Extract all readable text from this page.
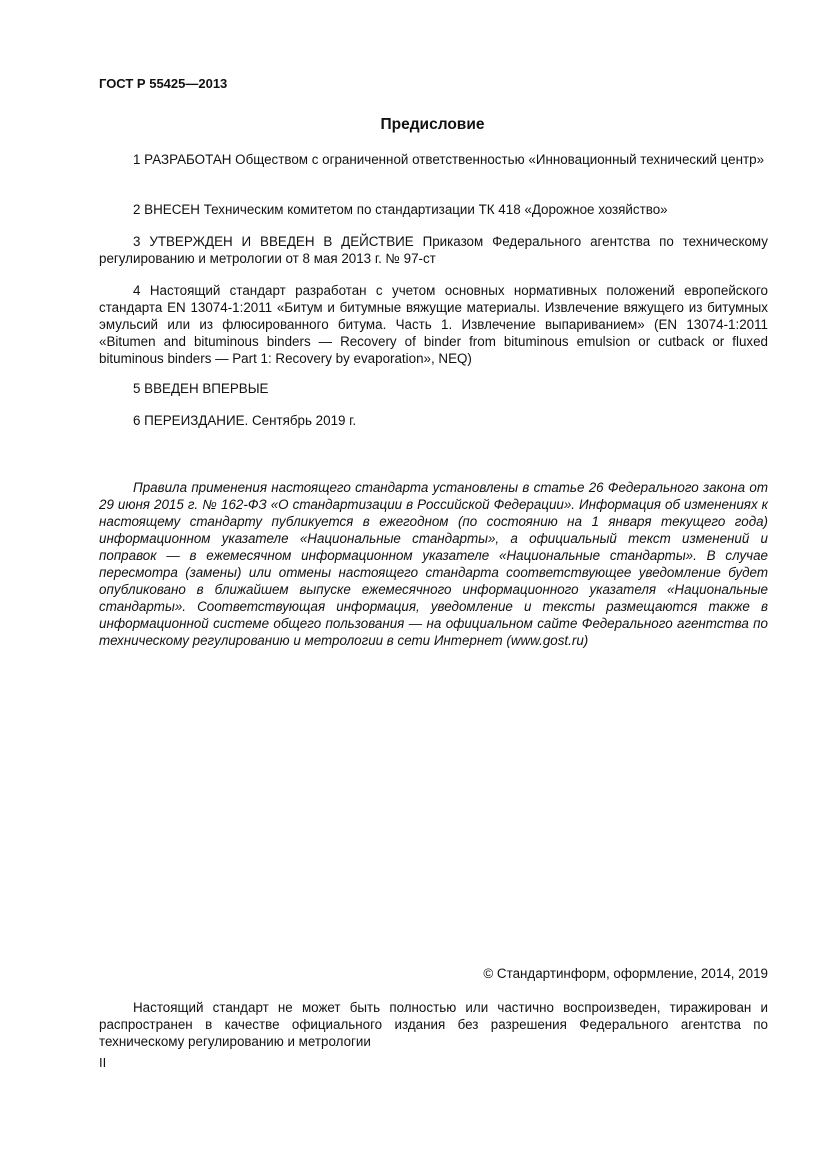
ГОСТ Р 55425—2013
Предисловие
1 РАЗРАБОТАН Обществом с ограниченной ответственностью «Инновационный технический центр»
2 ВНЕСЕН Техническим комитетом по стандартизации ТК 418 «Дорожное хозяйство»
3 УТВЕРЖДЕН И ВВЕДЕН В ДЕЙСТВИЕ Приказом Федерального агентства по техническому регулированию и метрологии от 8 мая 2013 г. № 97-ст
4 Настоящий стандарт разработан с учетом основных нормативных положений европейского стандарта EN 13074-1:2011 «Битум и битумные вяжущие материалы. Извлечение вяжущего из битумных эмульсий или из флюсированного битума. Часть 1. Извлечение выпариванием» (EN 13074-1:2011 «Bitumen and bituminous binders — Recovery of binder from bituminous emulsion or cutback or fluxed bituminous binders — Part 1: Recovery by evaporation», NEQ)
5 ВВЕДЕН ВПЕРВЫЕ
6 ПЕРЕИЗДАНИЕ. Сентябрь 2019 г.
Правила применения настоящего стандарта установлены в статье 26 Федерального закона от 29 июня 2015 г. № 162-ФЗ «О стандартизации в Российской Федерации». Информация об изменениях к настоящему стандарту публикуется в ежегодном (по состоянию на 1 января текущего года) информационном указателе «Национальные стандарты», а официальный текст изменений и поправок — в ежемесячном информационном указателе «Национальные стандарты». В случае пересмотра (замены) или отмены настоящего стандарта соответствующее уведомление будет опубликовано в ближайшем выпуске ежемесячного информационного указателя «Национальные стандарты». Соответствующая информация, уведомление и тексты размещаются также в информационной системе общего пользования — на официальном сайте Федерального агентства по техническому регулированию и метрологии в сети Интернет (www.gost.ru)
© Стандартинформ, оформление, 2014, 2019
Настоящий стандарт не может быть полностью или частично воспроизведен, тиражирован и распространен в качестве официального издания без разрешения Федерального агентства по техническому регулированию и метрологии
II
